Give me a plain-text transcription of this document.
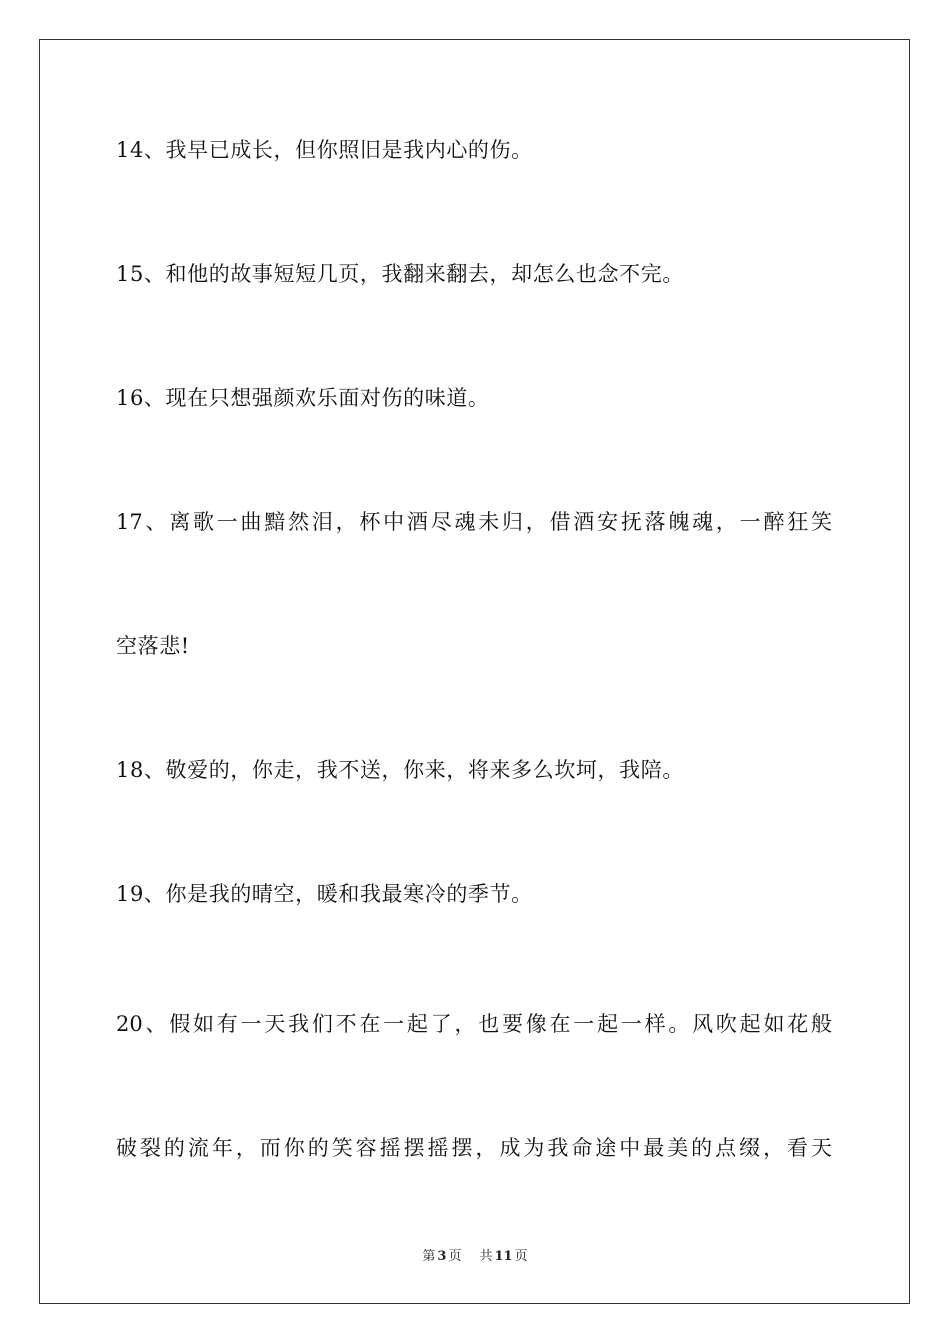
14、我早已成长，但你照旧是我内心的伤。
15、和他的故事短短几页，我翻来翻去，却怎么也念不完。
16、现在只想强颜欢乐面对伤的味道。
17、离歌一曲黯然泪，杯中酒尽魂未归，借酒安抚落魄魂，一醉狂笑
空落悲!
18、敬爱的，你走，我不送，你来，将来多么坎坷，我陪。
19、你是我的晴空，暖和我最寒冷的季节。
20、假如有一天我们不在一起了，也要像在一起一样。风吹起如花般
破裂的流年，而你的笑容摇摆摇摆，成为我命途中最美的点缀，看天
第 3 页 共 11 页
